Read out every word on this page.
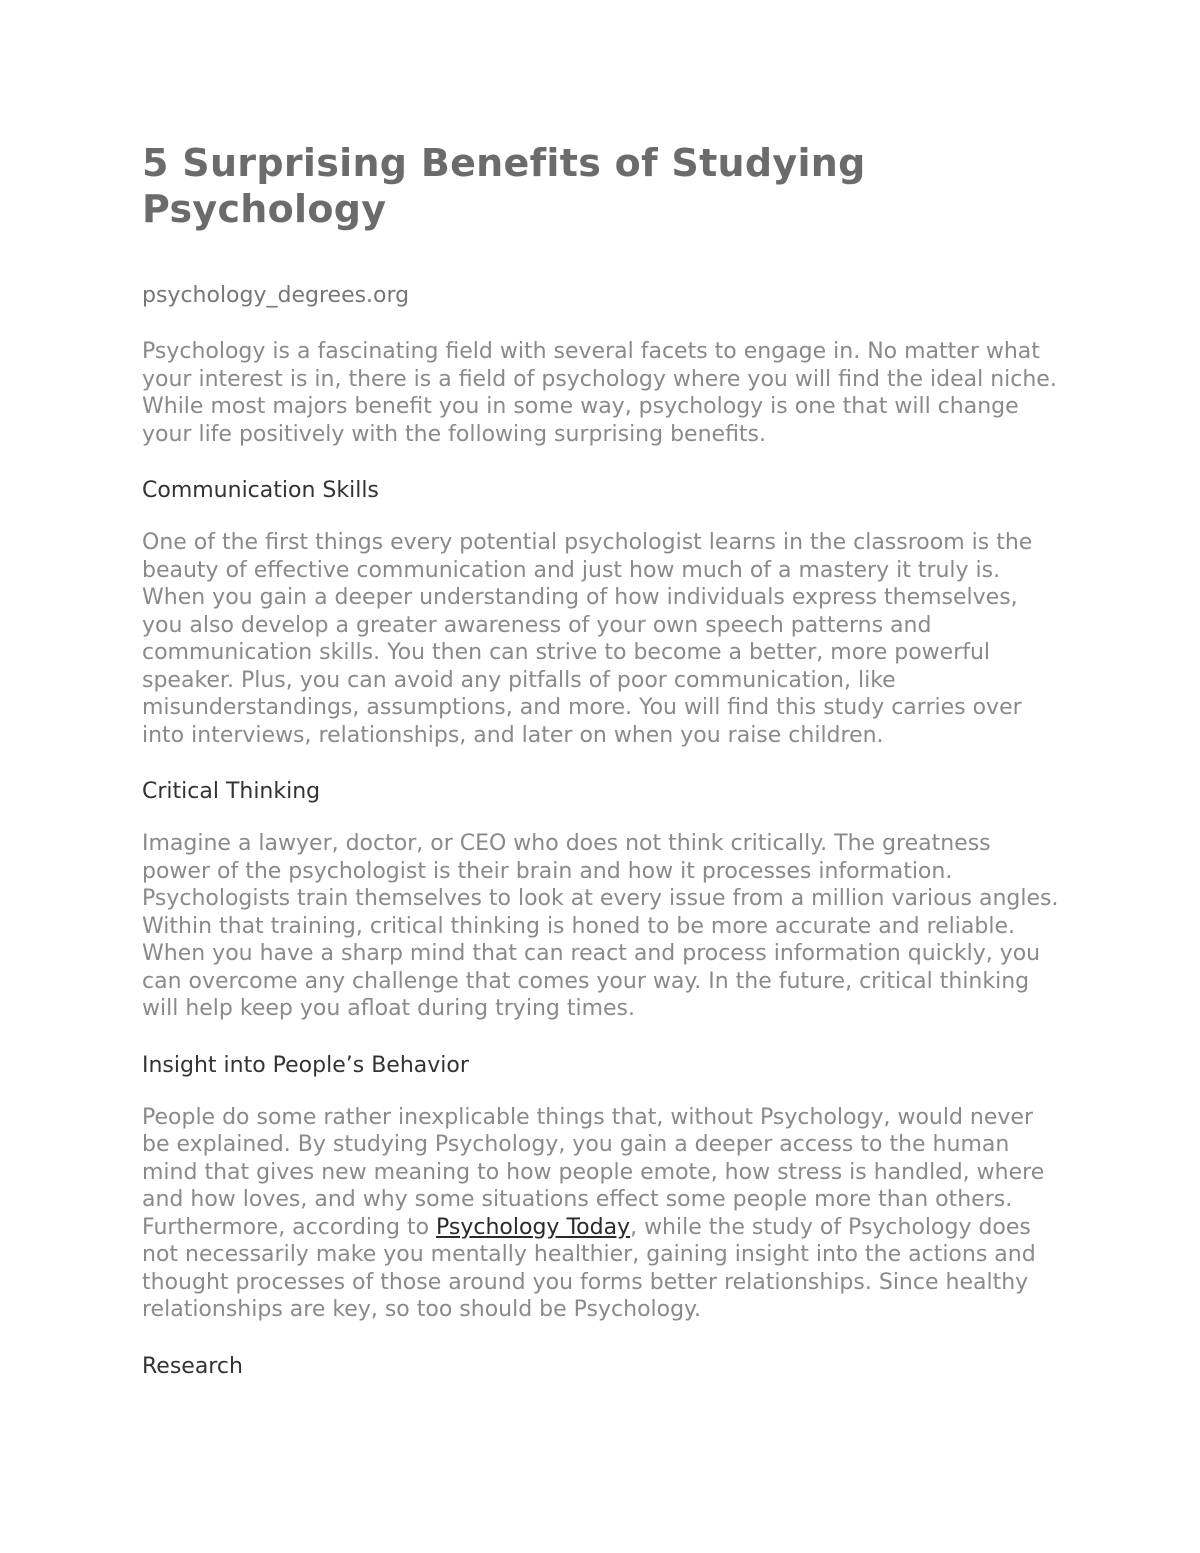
5 Surprising Benefits of Studying Psychology

psychology_degrees.org

Psychology is a fascinating field with several facets to engage in. No matter what your interest is in, there is a field of psychology where you will find the ideal niche. While most majors benefit you in some way, psychology is one that will change your life positively with the following surprising benefits.

Communication Skills

One of the first things every potential psychologist learns in the classroom is the beauty of effective communication and just how much of a mastery it truly is. When you gain a deeper understanding of how individuals express themselves, you also develop a greater awareness of your own speech patterns and communication skills. You then can strive to become a better, more powerful speaker. Plus, you can avoid any pitfalls of poor communication, like misunderstandings, assumptions, and more. You will find this study carries over into interviews, relationships, and later on when you raise children.

Critical Thinking

Imagine a lawyer, doctor, or CEO who does not think critically. The greatness power of the psychologist is their brain and how it processes information. Psychologists train themselves to look at every issue from a million various angles. Within that training, critical thinking is honed to be more accurate and reliable. When you have a sharp mind that can react and process information quickly, you can overcome any challenge that comes your way. In the future, critical thinking will help keep you afloat during trying times.

Insight into People’s Behavior

People do some rather inexplicable things that, without Psychology, would never be explained. By studying Psychology, you gain a deeper access to the human mind that gives new meaning to how people emote, how stress is handled, where and how loves, and why some situations effect some people more than others. Furthermore, according to Psychology Today, while the study of Psychology does not necessarily make you mentally healthier, gaining insight into the actions and thought processes of those around you forms better relationships. Since healthy relationships are key, so too should be Psychology.

Research
